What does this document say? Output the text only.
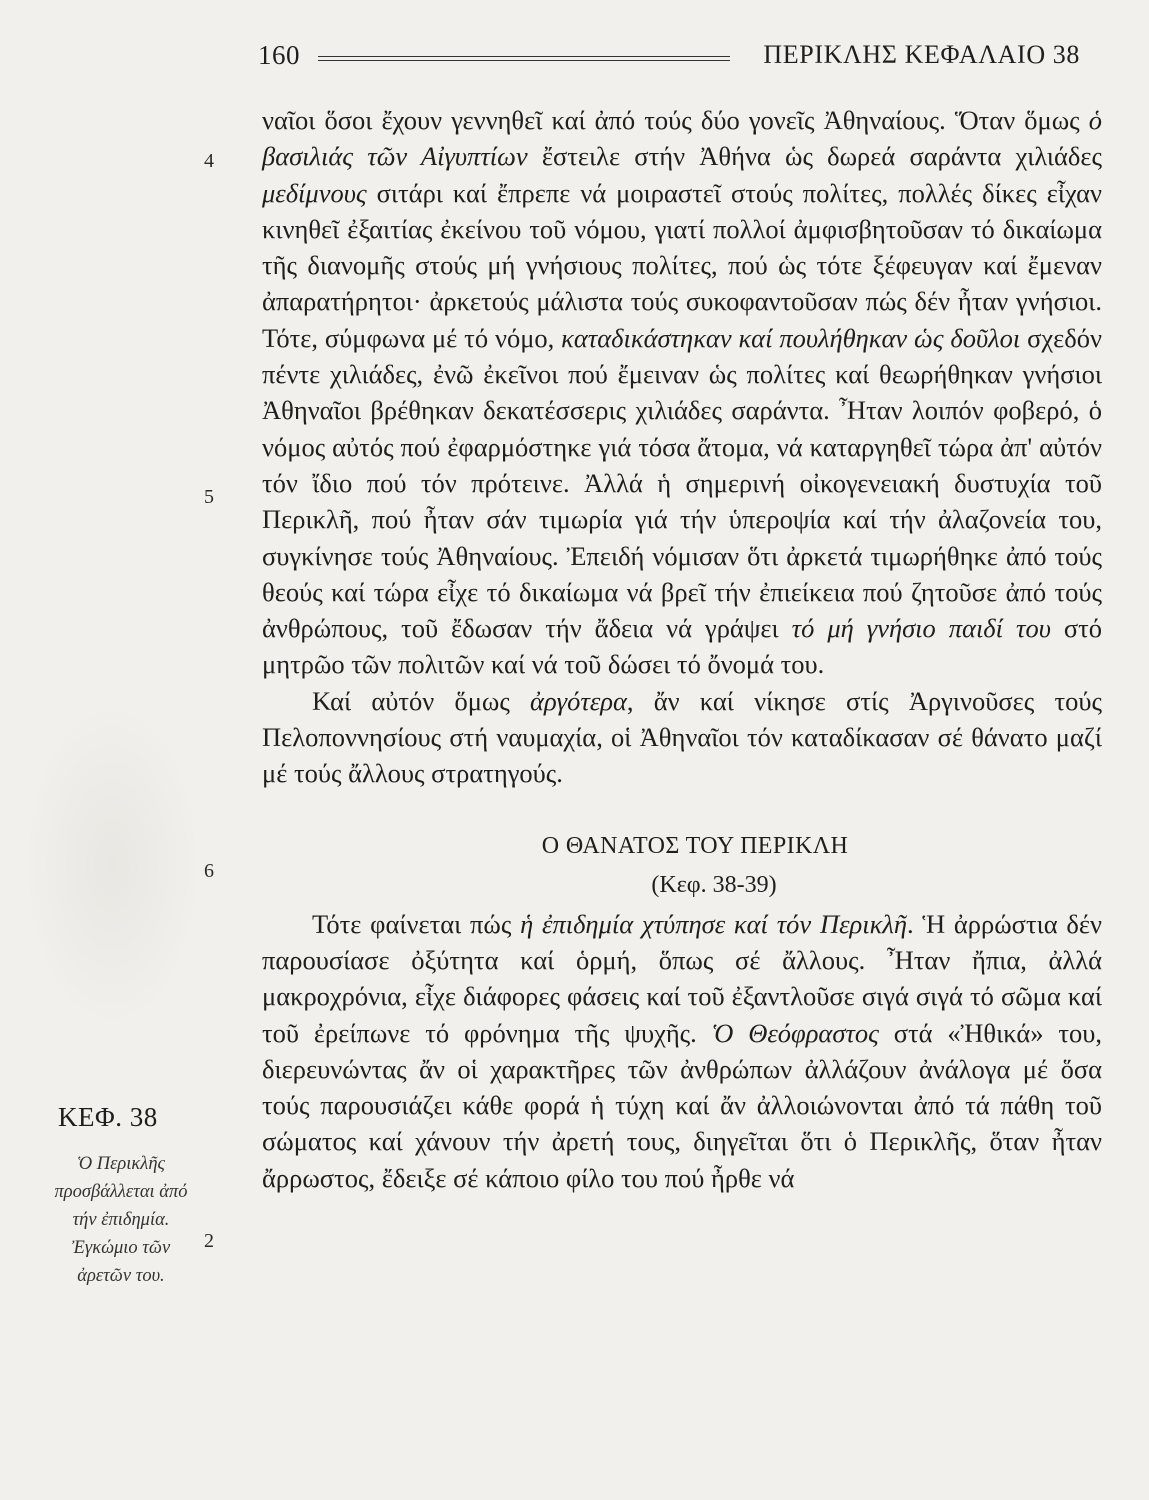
160	ΠΕΡΙΚΛΗΣ ΚΕΦΑΛΑΙΟ 38
4
5
6
2
ΚΕΦ. 38
Ὁ Περικλῆς προσβάλλεται ἀπό τήν ἐπιδημία. Ἐγκώμιο τῶν ἀρετῶν του.

ναῖοι ὅσοι ἔχουν γεννηθεῖ καί ἀπό τούς δύο γονεῖς Ἀθηναίους. Ὅταν ὅμως ὁ βασιλιάς τῶν Αἰγυπτίων ἔστειλε στήν Ἀθήνα ὡς δωρεά σαράντα χιλιάδες μεδίμνους σιτάρι καί ἔπρεπε νά μοιραστεῖ στούς πολίτες, πολλές δίκες εἶχαν κινηθεῖ ἐξαιτίας ἐκείνου τοῦ νόμου, γιατί πολλοί ἀμφισβητοῦσαν τό δικαίωμα τῆς διανομῆς στούς μή γνήσιους πολίτες, πού ὡς τότε ξέφευγαν καί ἔμεναν ἀπαρατήρητοι· ἀρκετούς μάλιστα τούς συκοφαντοῦσαν πώς δέν ἦταν γνήσιοι. Τότε, σύμφωνα μέ τό νόμο, καταδικάστηκαν καί πουλήθηκαν ὡς δοῦλοι σχεδόν πέντε χιλιάδες, ἐνῶ ἐκεῖνοι πού ἔμειναν ὡς πολίτες καί θεωρήθηκαν γνήσιοι Ἀθηναῖοι βρέθηκαν δεκατέσσερις χιλιάδες σαράντα. Ἦταν λοιπόν φοβερό, ὁ νόμος αὐτός πού ἐφαρμόστηκε γιά τόσα ἄτομα, νά καταργηθεῖ τώρα ἀπ' αὐτόν τόν ἴδιο πού τόν πρότεινε. Ἀλλά ἡ σημερινή οἰκογενειακή δυστυχία τοῦ Περικλῆ, πού ἦταν σάν τιμωρία γιά τήν ὑπεροψία καί τήν ἀλαζονεία του, συγκίνησε τούς Ἀθηναίους. Ἐπειδή νόμισαν ὅτι ἀρκετά τιμωρήθηκε ἀπό τούς θεούς καί τώρα εἶχε τό δικαίωμα νά βρεῖ τήν ἐπιείκεια πού ζητοῦσε ἀπό τούς ἀνθρώπους, τοῦ ἔδωσαν τήν ἄδεια νά γράψει τό μή γνήσιο παιδί του στό μητρῶο τῶν πολιτῶν καί νά τοῦ δώσει τό ὄνομά του.

Καί αὐτόν ὅμως ἀργότερα, ἄν καί νίκησε στίς Ἀργινοῦσες τούς Πελοποννησίους στή ναυμαχία, οἱ Ἀθηναῖοι τόν καταδίκασαν σέ θάνατο μαζί μέ τούς ἄλλους στρατηγούς.

Ο ΘΑΝΑΤΟΣ ΤΟΥ ΠΕΡΙΚΛΗ

(Κεφ. 38-39)

Τότε φαίνεται πώς ἡ ἐπιδημία χτύπησε καί τόν Περικλῆ. Ἡ ἀρρώστια δέν παρουσίασε ὀξύτητα καί ὁρμή, ὅπως σέ ἄλλους. Ἦταν ἤπια, ἀλλά μακροχρόνια, εἶχε διάφορες φάσεις καί τοῦ ἐξαντλοῦσε σιγά σιγά τό σῶμα καί τοῦ ἐρείπωνε τό φρόνημα τῆς ψυχῆς. Ὁ Θεόφραστος στά «Ἠθικά» του, διερευνώντας ἄν οἱ χαρακτῆρες τῶν ἀνθρώπων ἀλλάζουν ἀνάλογα μέ ὅσα τούς παρουσιάζει κάθε φορά ἡ τύχη καί ἄν ἀλλοιώνονται ἀπό τά πάθη τοῦ σώματος καί χάνουν τήν ἀρετή τους, διηγεῖται ὅτι ὁ Περικλῆς, ὅταν ἦταν ἄρρωστος, ἔδειξε σέ κάποιο φίλο του πού ἦρθε νά
